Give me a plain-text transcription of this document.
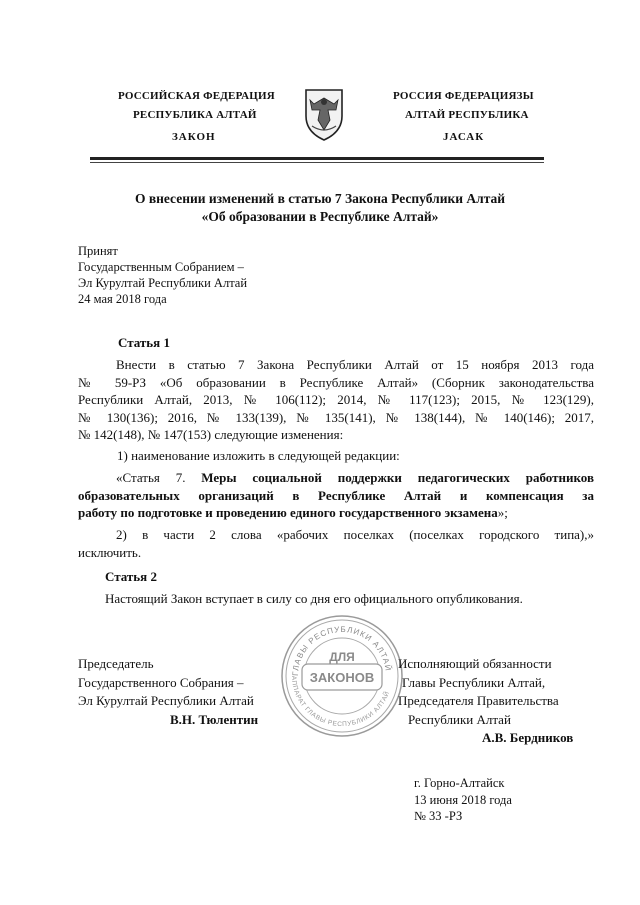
РОССИЙСКАЯ ФЕДЕРАЦИЯ
РЕСПУБЛИКА АЛТАЙ
ЗАКОН
РОССИЯ ФЕДЕРАЦИЯЗЫ
АЛТАЙ РЕСПУБЛИКА
JАСАК
О внесении изменений в статью 7 Закона Республики Алтай
«Об образовании в Республике Алтай»
Принят
Государственным Собранием –
Эл Курултай Республики Алтай
24 мая 2018 года
Статья 1
Внести в статью 7 Закона Республики Алтай от 15 ноября 2013 года
№ 59-РЗ «Об образовании в Республике Алтай» (Сборник законодательства
Республики Алтай, 2013, № 106(112); 2014, № 117(123); 2015, № 123(129),
№ 130(136); 2016, № 133(139), № 135(141), № 138(144), № 140(146); 2017,
№ 142(148), № 147(153) следующие изменения:
1) наименование изложить в следующей редакции:
«Статья 7. Меры социальной поддержки педагогических работников
образовательных организаций в Республике Алтай и компенсация за
работу по подготовке и проведению единого государственного экзамена»;
2) в части 2 слова «рабочих поселках (поселках городского типа),»
исключить.
Статья 2
Настоящий Закон вступает в силу со дня его официального опубликования.
ГЛАВЫ РЕСПУБЛИКИ АЛТАЙ
АППАРАТ ГЛАВЫ РЕСПУБЛИКИ АЛТАЙ
ДЛЯ
ЗАКОНОВ
Председатель
Государственного Собрания –
Эл Курултай Республики Алтай
В.Н. Тюлентин
Исполняющий обязанности
Главы Республики Алтай,
Председателя Правительства
Республики Алтай
А.В. Бердников
г. Горно-Алтайск
13 июня 2018 года
№ 33 -РЗ
